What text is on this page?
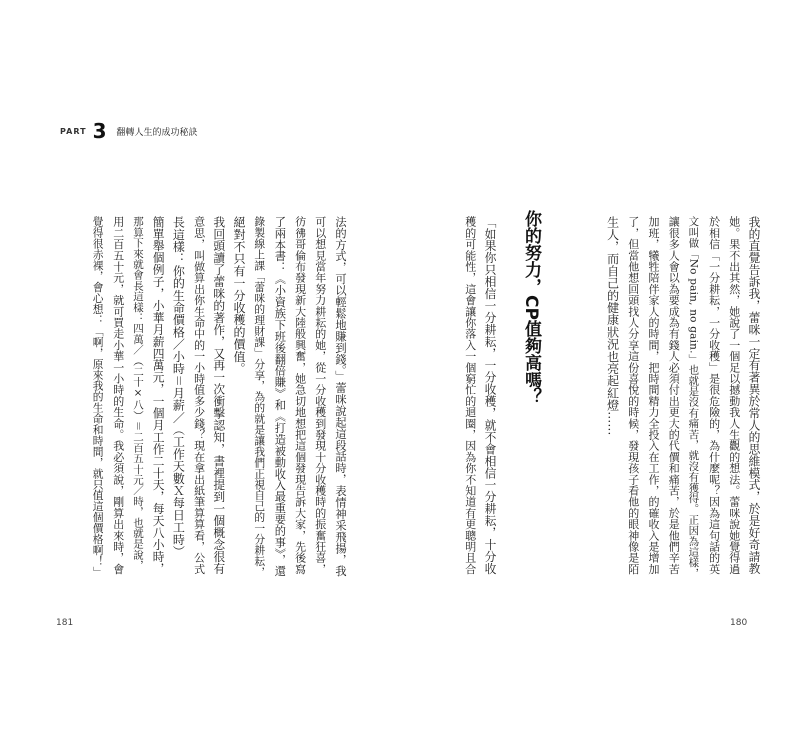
PART 3 翻轉人生的成功秘訣
我的直覺告訴我，蕾咪一定有著異於常人的思維模式，於是好奇請教
她。果不出其然，她說了一個足以撼動我人生觀的想法。蕾咪說她覺得過
於相信「一分耕耘，一分收穫」是很危險的，為什麼呢？因為這句話的英
文叫做「No pain, no gain.」也就是沒有痛苦，就沒有獲得。正因為這樣，
讓很多人會以為要成為有錢人必須付出更大的代價和痛苦，於是他們辛苦
加班，犧牲陪伴家人的時間，把時間精力全投入在工作，的確收入是增加
了，但當他想回頭找人分享這份喜悅的時候，發現孩子看他的眼神像是陌
生人，而自己的健康狀況也亮起紅燈……
你的努力，CP值夠高嗎？
「如果你只相信一分耕耘，一分收穫，就不會相信一分耕耘，十分收
穫的可能性，這會讓你落入一個窮忙的迴圈，因為你不知道有更聰明且合
法的方式，可以輕鬆地賺到錢。」蕾咪說起這段話時，表情神采飛揚，我
可以想見當年努力耕耘的她，從一分收穫到發現十分收穫時的振奮狂喜，
彷彿哥倫布發現新大陸般興奮，她急切地想把這個發現告訴大家，先後寫
了兩本書：《小資族下班後翻倍賺》和《打造被動收入最重要的事》，還
錄製線上課「蕾咪的理財課」分享，為的就是讓我們正視自己的一分耕耘，
絕對不只有一分收穫的價值。
我回頭讀了蕾咪的著作，又再一次衝擊認知，書裡提到一個概念很有
意思，叫做算出你生命中的一小時值多少錢？現在拿出紙筆算算看，公式
長這樣：你的生命價格／小時＝月薪／（工作天數Ｘ每日工時）
簡單舉個例子，小華月薪四萬元，一個月工作二十天，每天八小時，
那算下來就會長這樣：四萬／（二十×八）＝二百五十元／時，也就是說，
用二百五十元，就可買走小華一小時的生命。我必須說，剛算出來時，會
覺得很赤裸，會心想：「啊，原來我的生命和時間，就只值這個價格啊！」
181	180
